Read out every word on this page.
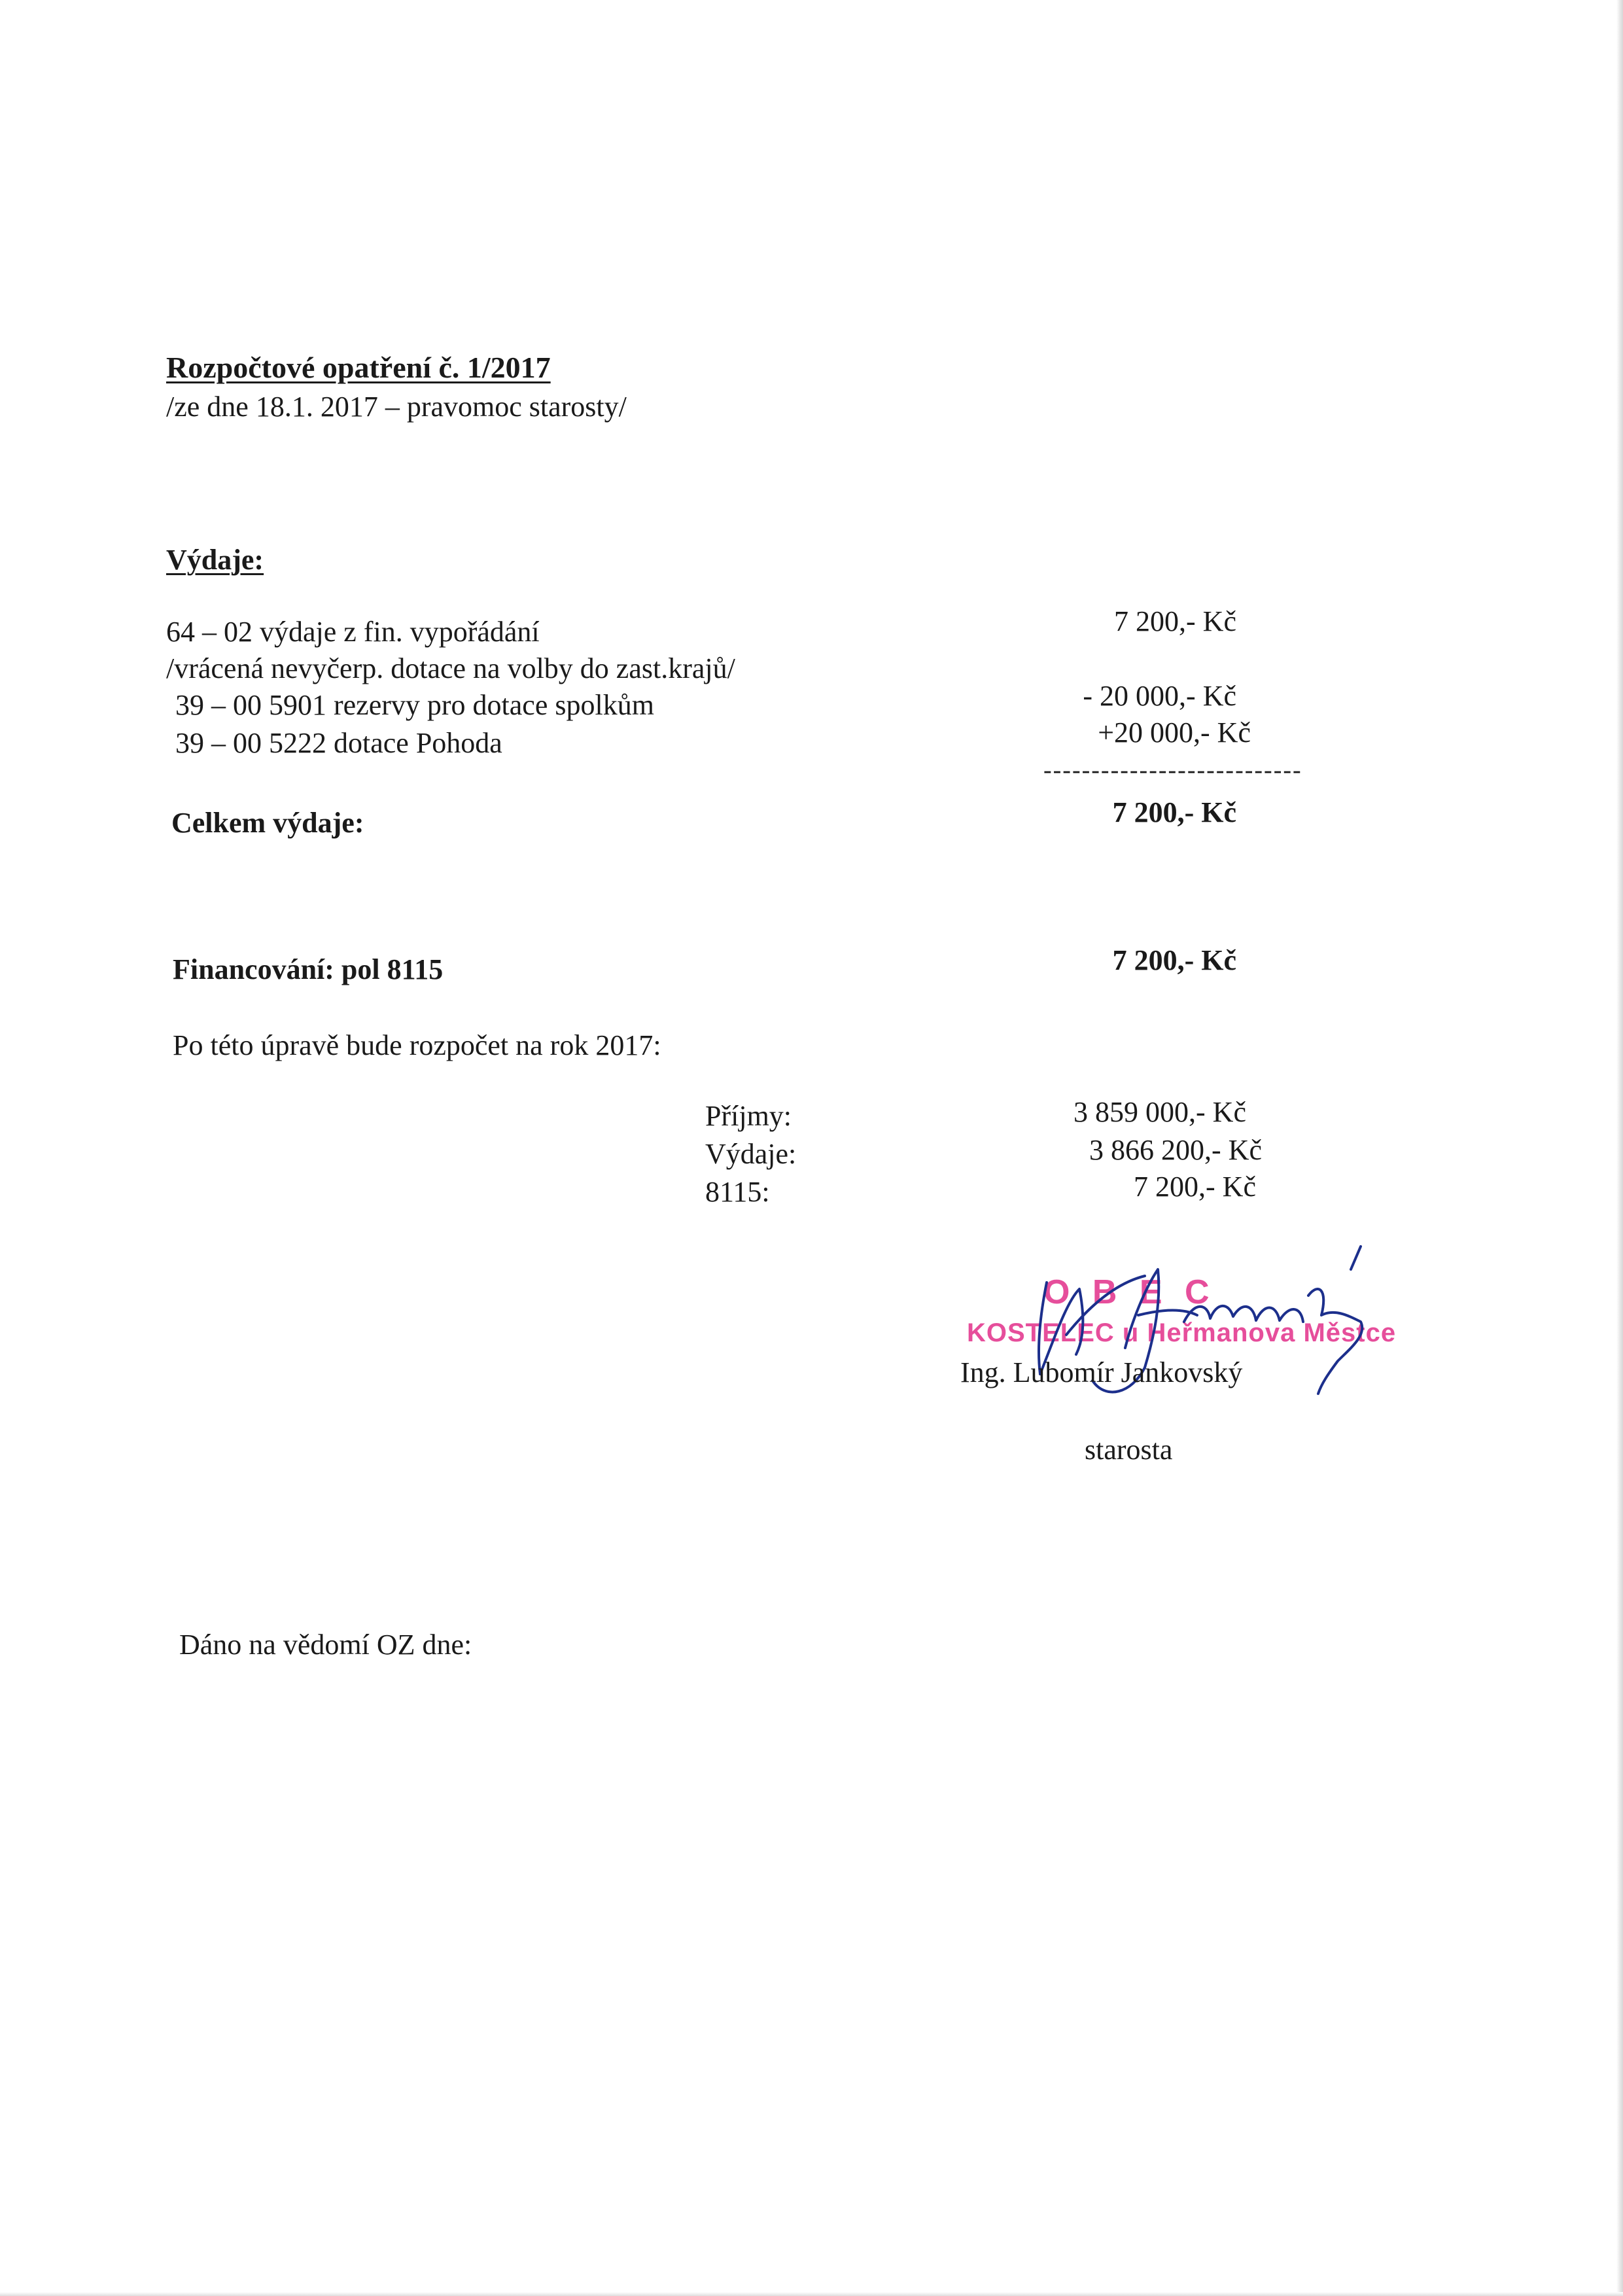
Rozpočtové opatření č. 1/2017
/ze dne 18.1. 2017 – pravomoc starosty/
Výdaje:
64 – 02 výdaje z fin. vypořádání	7 200,- Kč
/vrácená nevyčerp. dotace na volby do zast.krajů/
39 – 00 5901 rezervy pro dotace spolkům	- 20 000,- Kč
39 – 00 5222 dotace Pohoda	+20 000,- Kč
---------------------------
Celkem výdaje:	7 200,- Kč
Financování: pol 8115	7 200,- Kč
Po této úpravě bude rozpočet na rok 2017:
Příjmy:	3 859 000,- Kč
Výdaje:	3 866 200,- Kč
8115:	7 200,- Kč
O B E C
KOSTELEC u Heřmanova Městce
Ing. Lubomír Jankovský
starosta
Dáno na vědomí OZ dne:
